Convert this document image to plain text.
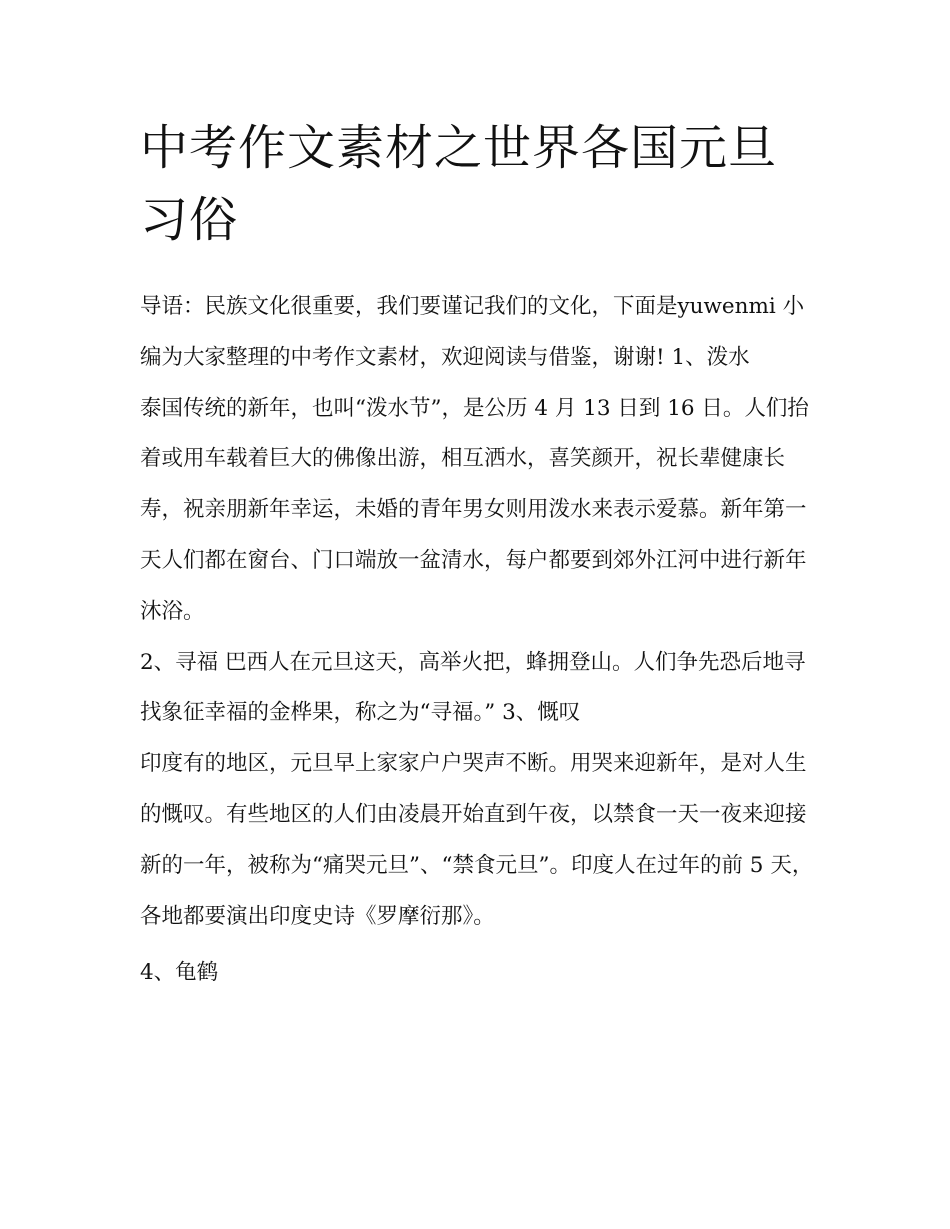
中考作文素材之世界各国元旦习俗
导语：民族文化很重要，我们要谨记我们的文化，下面是yuwenmi 小编为大家整理的中考作文素材，欢迎阅读与借鉴，谢谢! 1、泼水
泰国传统的新年，也叫“泼水节”，是公历 4 月 13 日到 16 日。人们抬着或用车载着巨大的佛像出游，相互洒水，喜笑颜开，祝长辈健康长寿，祝亲朋新年幸运，未婚的青年男女则用泼水来表示爱慕。新年第一天人们都在窗台、门口端放一盆清水，每户都要到郊外江河中进行新年沐浴。
2、寻福 巴西人在元旦这天，高举火把，蜂拥登山。人们争先恐后地寻找象征幸福的金桦果，称之为“寻福。” 3、慨叹
印度有的地区，元旦早上家家户户哭声不断。用哭来迎新年，是对人生的慨叹。有些地区的人们由凌晨开始直到午夜，以禁食一天一夜来迎接新的一年，被称为“痛哭元旦”、“禁食元旦”。印度人在过年的前 5 天，各地都要演出印度史诗《罗摩衍那》。
4、龟鹤
